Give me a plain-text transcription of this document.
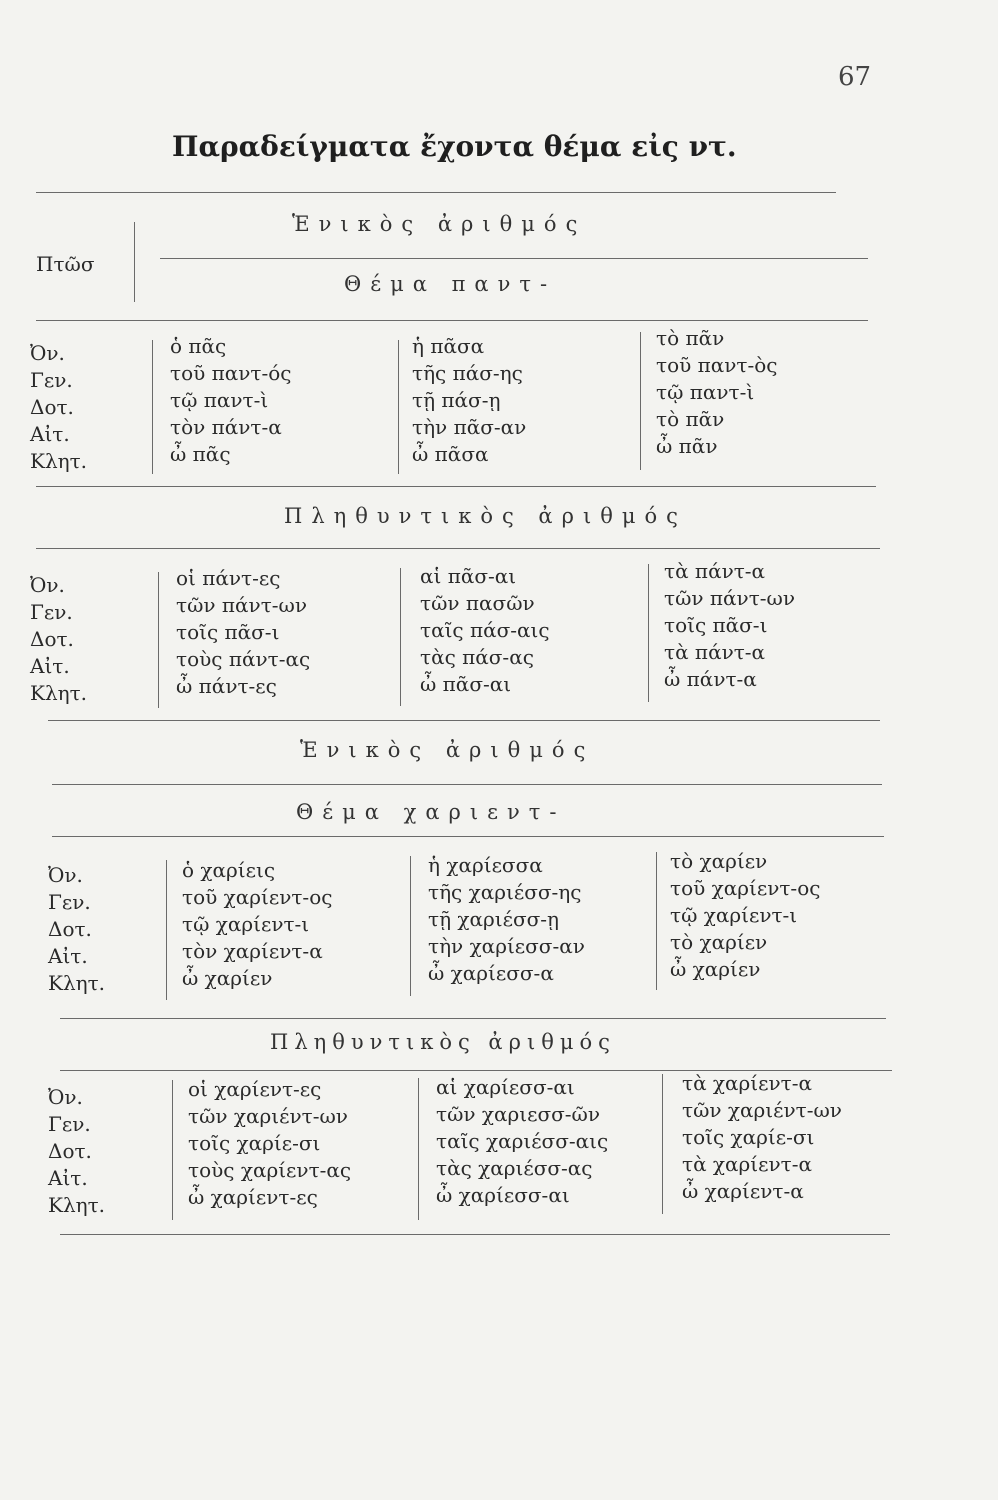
67
Παραδείγματα ἔχοντα θέμα εἰς ντ.
Πτῶσ
Ἑνικὸς ἀριθμός
Θέμα παντ-
Ὀν.
Γεν.
Δοτ.
Αἰτ.
Κλητ.
ὁ πᾶς
τοῦ παντ-ός
τῷ παντ-ὶ
τὸν πάντ-α
ὦ πᾶς
ἡ πᾶσα
τῆς πάσ-ης
τῇ πάσ-ῃ
τὴν πᾶσ-αν
ὦ πᾶσα
τὸ πᾶν
τοῦ παντ-ὸς
τῷ παντ-ὶ
τὸ πᾶν
ὦ πᾶν
Πληθυντικὸς ἀριθμός
Ὀν.
Γεν.
Δοτ.
Αἰτ.
Κλητ.
οἱ πάντ-ες
τῶν πάντ-ων
τοῖς πᾶσ-ι
τοὺς πάντ-ας
ὦ πάντ-ες
αἱ πᾶσ-αι
τῶν πασῶν
ταῖς πάσ-αις
τὰς πάσ-ας
ὦ πᾶσ-αι
τὰ πάντ-α
τῶν πάντ-ων
τοῖς πᾶσ-ι
τὰ πάντ-α
ὦ πάντ-α
Ἑνικὸς ἀριθμός
Θέμα χαριεντ-
Ὀν.
Γεν.
Δοτ.
Αἰτ.
Κλητ.
ὁ χαρίεις
τοῦ χαρίεντ-ος
τῷ χαρίεντ-ι
τὸν χαρίεντ-α
ὦ χαρίεν
ἡ χαρίεσσα
τῆς χαριέσσ-ης
τῇ χαριέσσ-ῃ
τὴν χαρίεσσ-αν
ὦ χαρίεσσ-α
τὸ χαρίεν
τοῦ χαρίεντ-ος
τῷ χαρίεντ-ι
τὸ χαρίεν
ὦ χαρίεν
Πληθυντικὸς ἀριθμός
Ὀν.
Γεν.
Δοτ.
Αἰτ.
Κλητ.
οἱ χαρίεντ-ες
τῶν χαριέντ-ων
τοῖς χαρίε-σι
τοὺς χαρίεντ-ας
ὦ χαρίεντ-ες
αἱ χαρίεσσ-αι
τῶν χαριεσσ-ῶν
ταῖς χαριέσσ-αις
τὰς χαριέσσ-ας
ὦ χαρίεσσ-αι
τὰ χαρίεντ-α
τῶν χαριέντ-ων
τοῖς χαρίε-σι
τὰ χαρίεντ-α
ὦ χαρίεντ-α
